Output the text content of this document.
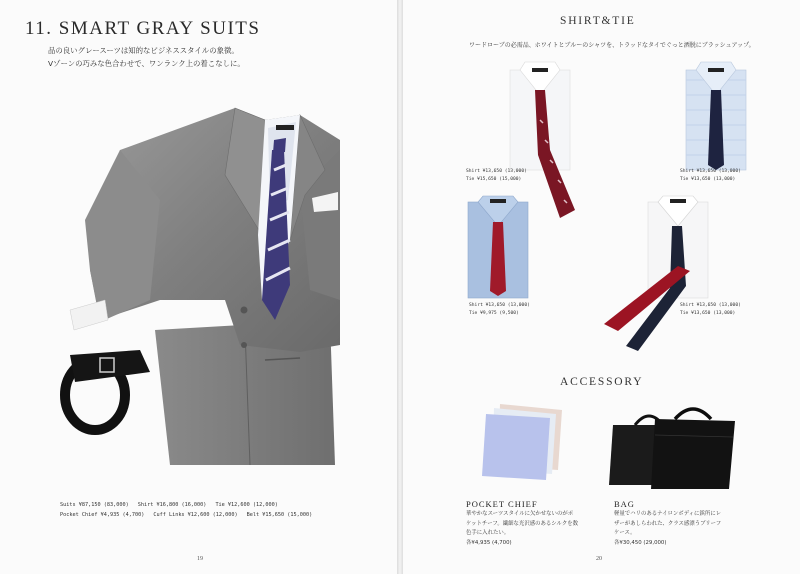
11. SMART GRAY SUITS
品の良いグレースーツは知的なビジネススタイルの象徴。
Vゾーンの巧みな色合わせで、ワンランク上の着こなしに。
Suits ¥87,150 (83,000) Shirt ¥16,800 (16,000) Tie ¥12,600 (12,000)
Pocket Chief ¥4,935 (4,700) Cuff Links ¥12,600 (12,000) Belt ¥15,650 (15,000)
19
SHIRT&TIE
ワードローブの必需品、ホワイトとブルーのシャツを、トラッドなタイでぐっと洒脱にブラッシュアップ。
Shirt ¥13,650 (13,000)
Tie ¥15,650 (15,000)
Shirt ¥13,650 (13,000)
Tie ¥13,650 (13,000)
Shirt ¥13,650 (13,000)
Tie ¥9,975 (9,500)
Shirt ¥13,650 (13,000)
Tie ¥13,650 (13,000)
ACCESSORY
POCKET CHIEF
華やかなスーツスタイルに欠かせないのがポ
ケットチーフ。繊細な光沢感のあるシルクを数
色手に入れたい。
各¥4,935 (4,700)
BAG
軽量でハリのあるナイロンボディに鋲所にレ
ザーがあしらわれた、クラス感漂うブリーフ
ケース。
各¥30,450 (29,000)
20
